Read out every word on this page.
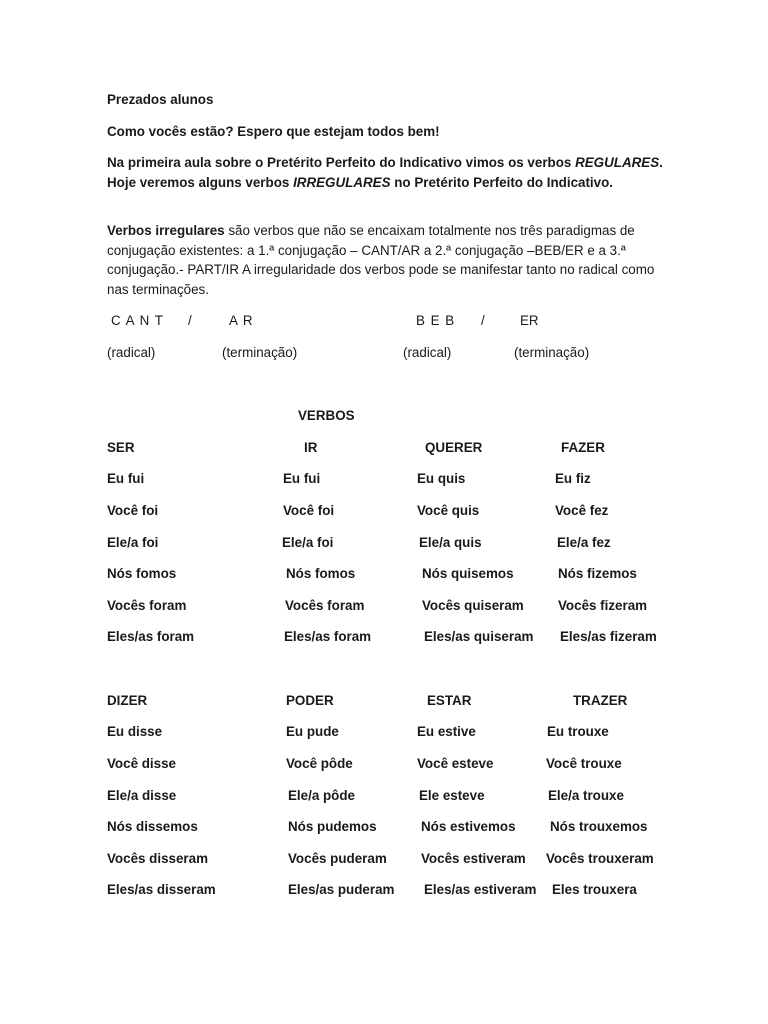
Prezados alunos
Como vocês estão? Espero que estejam todos bem!
Na primeira aula sobre o Pretérito Perfeito do Indicativo vimos os verbos REGULARES. Hoje veremos alguns verbos IRREGULARES no Pretérito Perfeito do Indicativo.
Verbos irregulares são verbos que não se encaixam totalmente nos três paradigmas de conjugação existentes: a 1.ª conjugação – CANT/AR a 2.ª conjugação –BEB/ER e a 3.ª conjugação.- PART/IR A irregularidade dos verbos pode se manifestar tanto no radical como nas terminações.
C A N T /	A R	B E B /	ER
(radical)	(terminação)	(radical)	(terminação)
VERBOS
SER	IR	QUERER	FAZER
Eu fui	Eu fui	Eu quis	Eu fiz
Você foi	Você foi	Você quis	Você fez
Ele/a foi	Ele/a foi	Ele/a quis	Ele/a fez
Nós fomos	Nós fomos	Nós quisemos	Nós fizemos
Vocês foram	Vocês foram	Vocês quiseram	Vocês fizeram
Eles/as foram	Eles/as foram	Eles/as quiseram Eles/as fizeram
DIZER	PODER	ESTAR	TRAZER
Eu disse	Eu pude	Eu estive	Eu trouxe
Você disse	Você pôde	Você esteve	Você trouxe
Ele/a disse	Ele/a pôde	Ele esteve	Ele/a trouxe
Nós dissemos	Nós pudemos	Nós estivemos	Nós trouxemos
Vocês disseram	Vocês puderam	Vocês estiveram Vocês trouxeram
Eles/as disseram	Eles/as puderam Eles/as estiveram Eles trouxera
